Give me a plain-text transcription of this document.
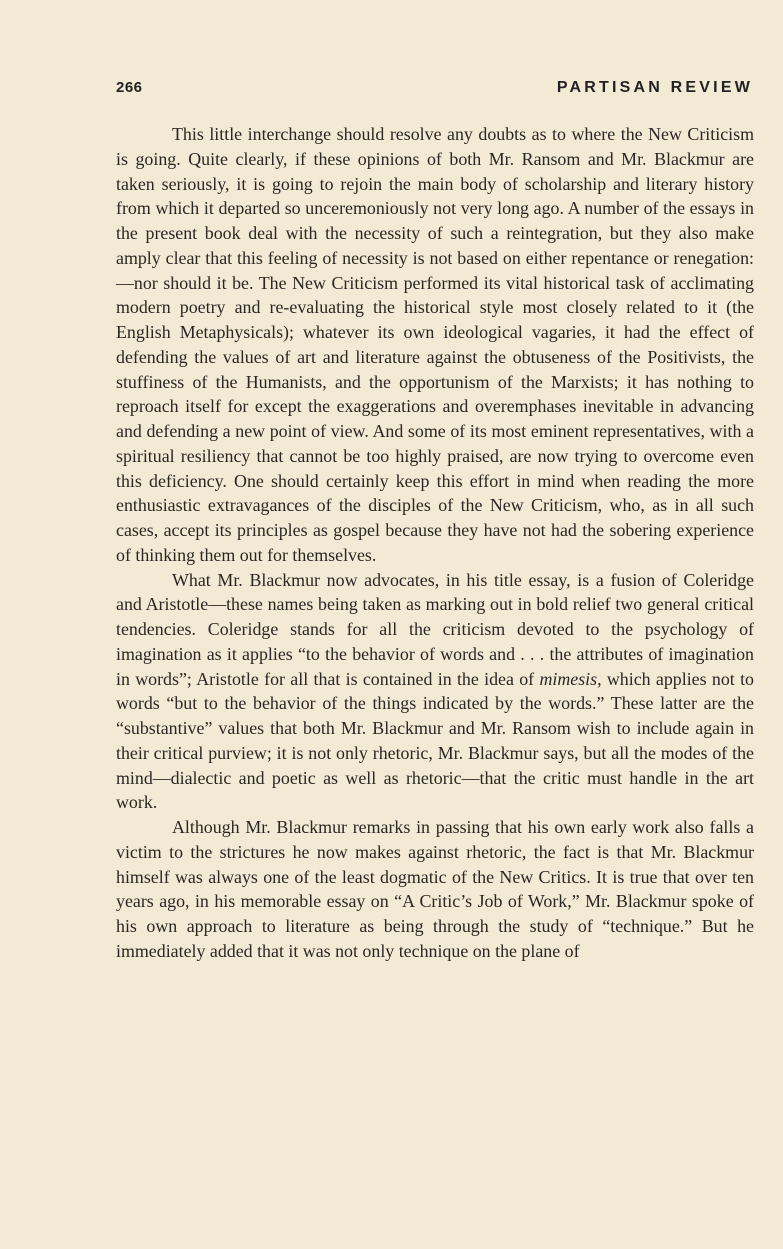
266	PARTISAN REVIEW

This little interchange should resolve any doubts as to where the New Criticism is going. Quite clearly, if these opinions of both Mr. Ransom and Mr. Blackmur are taken seriously, it is going to rejoin the main body of scholarship and literary history from which it departed so unceremoniously not very long ago. A number of the essays in the present book deal with the necessity of such a reintegration, but they also make amply clear that this feeling of necessity is not based on either repentance or renegation:—nor should it be. The New Criticism performed its vital historical task of acclimating modern poetry and re-evaluating the historical style most closely related to it (the English Metaphysicals); whatever its own ideological vagaries, it had the effect of defending the values of art and literature against the obtuseness of the Positivists, the stuffiness of the Humanists, and the opportunism of the Marxists; it has nothing to reproach itself for except the exaggerations and overemphases inevitable in advancing and defending a new point of view. And some of its most eminent representatives, with a spiritual resiliency that cannot be too highly praised, are now trying to overcome even this deficiency. One should certainly keep this effort in mind when reading the more enthusiastic extravagances of the disciples of the New Criticism, who, as in all such cases, accept its principles as gospel because they have not had the sobering experience of thinking them out for themselves.

What Mr. Blackmur now advocates, in his title essay, is a fusion of Coleridge and Aristotle—these names being taken as marking out in bold relief two general critical tendencies. Coleridge stands for all the criticism devoted to the psychology of imagination as it applies “to the behavior of words and . . . the attributes of imagination in words”; Aristotle for all that is contained in the idea of mimesis, which applies not to words “but to the behavior of the things indicated by the words.” These latter are the “substantive” values that both Mr. Blackmur and Mr. Ransom wish to include again in their critical purview; it is not only rhetoric, Mr. Blackmur says, but all the modes of the mind—dialectic and poetic as well as rhetoric—that the critic must handle in the art work.

Although Mr. Blackmur remarks in passing that his own early work also falls a victim to the strictures he now makes against rhetoric, the fact is that Mr. Blackmur himself was always one of the least dogmatic of the New Critics. It is true that over ten years ago, in his memorable essay on “A Critic’s Job of Work,” Mr. Blackmur spoke of his own approach to literature as being through the study of “technique.” But he immediately added that it was not only technique on the plane of
